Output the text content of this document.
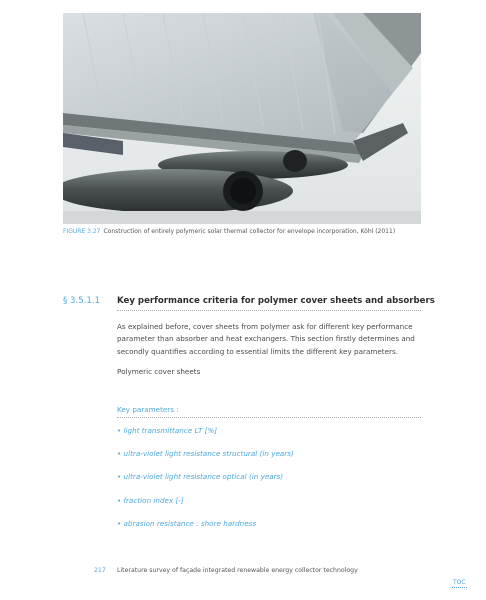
FIGURE 3.27 Construction of entirely polymeric solar thermal collector for envelope incorporation, Köhl (2011)
§ 3.5.1.1 Key performance criteria for polymer cover sheets and absorbers

As explained before, cover sheets from polymer ask for different key performance parameter than absorber and heat exchangers. This section firstly determines and secondly quantifies according to essential limits the different key parameters.

Polymeric cover sheets

Key parameters :

• light transmittance LT [%]
• ultra-violet light resistance structural (in years)
• ultra-violet light resistance optical (in years)
• fraction index [-]
• abrasion resistance : shore hardness
217 Literature survey of façade integrated renewable energy collector technology
TOC
